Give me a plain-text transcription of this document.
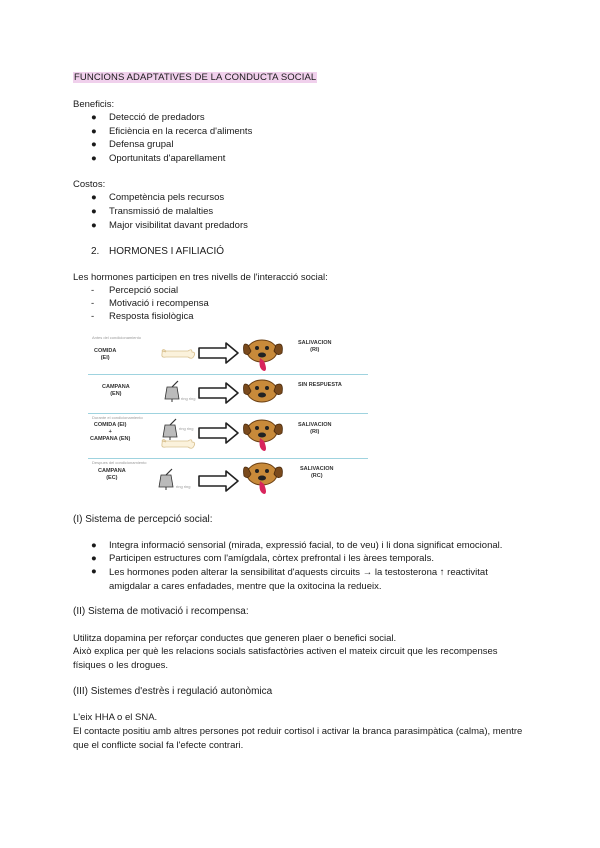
FUNCIONS ADAPTATIVES DE LA CONDUCTA SOCIAL
Beneficis:
● Detecció de predadors
● Eficiència en la recerca d'aliments
● Defensa grupal
● Oportunitats d'aparellament
Costos:
● Competència pels recursos
● Transmissió de malalties
● Major visibilitat davant predadors
2. HORMONES I AFILIACIÓ
Les hormones participen en tres nivells de l'interacció social:
- Percepció social
- Motivació i recompensa
- Resposta fisiològica
Antes del condicionamiento
COMIDA
(EI)
SALIVACION
(RI)
CAMPANA
(EN)
ring ring
SIN RESPUESTA
Durante el condicionamiento
COMIDA (EI)
+
CAMPANA (EN)
ring ring
SALIVACION
(RI)
Despues del condicionamiento
CAMPANA
(EC)
ring ring
SALIVACION
(RC)
(I) Sistema de percepció social:
● Integra informació sensorial (mirada, expressió facial, to de veu) i li dona significat emocional.
● Participen estructures com l'amígdala, còrtex prefrontal i les àrees temporals.
● Les hormones poden alterar la sensibilitat d'aquests circuits → la testosterona ↑ reactivitat amigdalar a cares enfadades, mentre que la oxitocina la redueix.
(II) Sistema de motivació i recompensa:
Utilitza dopamina per reforçar conductes que generen plaer o benefici social.
Això explica per què les relacions socials satisfactòries activen el mateix circuit que les recompenses físiques o les drogues.
(III) Sistemes d'estrès i regulació autonòmica
L'eix HHA o el SNA.
El contacte positiu amb altres persones pot reduir cortisol i activar la branca parasimpàtica (calma), mentre que el conflicte social fa l'efecte contrari.
